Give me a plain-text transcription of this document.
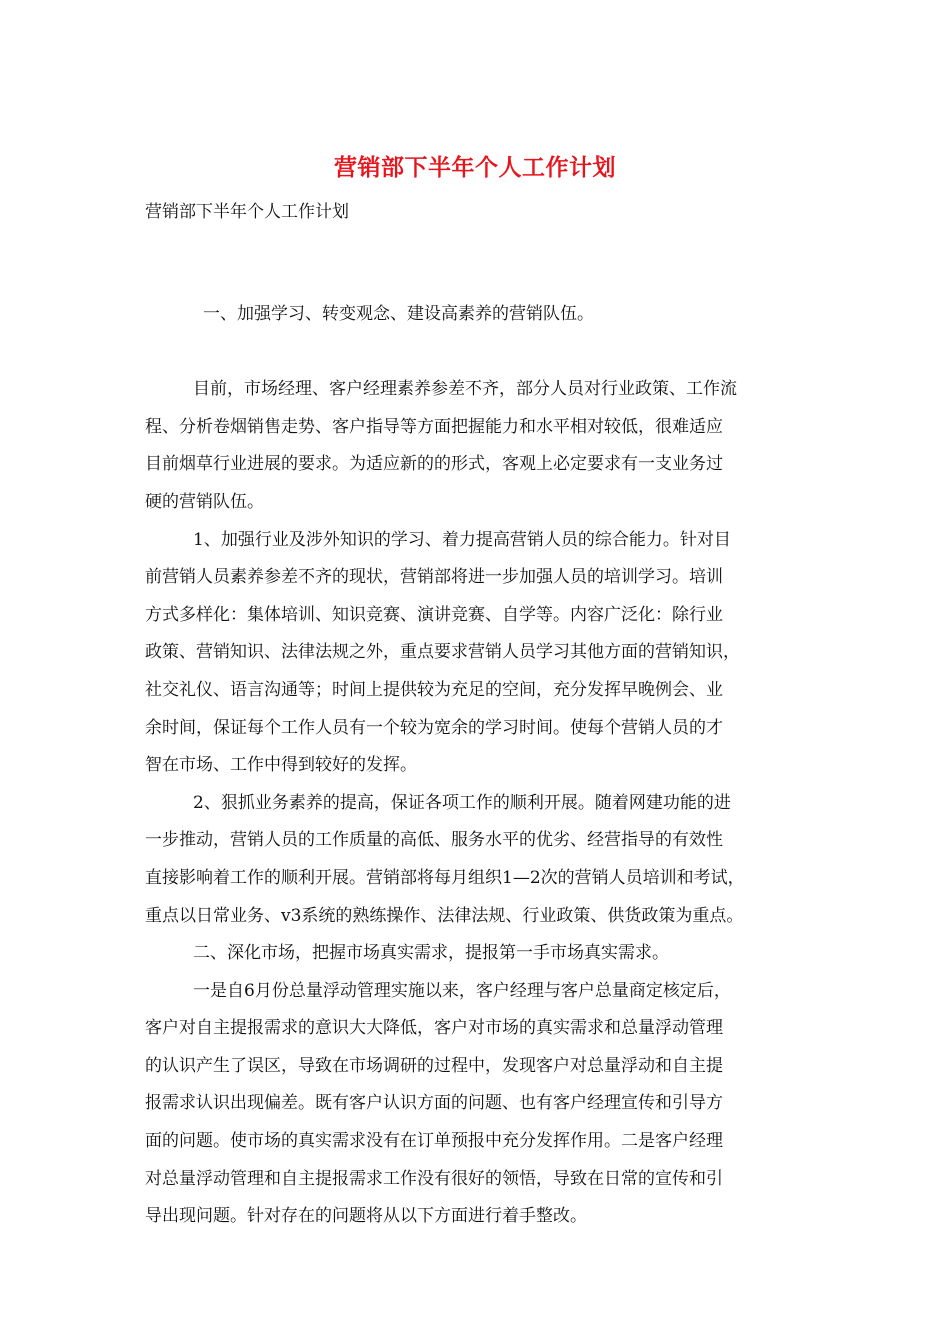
营销部下半年个人工作计划

营销部下半年个人工作计划

一、加强学习、转变观念、建设高素养的营销队伍。
目前，市场经理、客户经理素养参差不齐，部分人员对行业政策、工作流
程、分析卷烟销售走势、客户指导等方面把握能力和水平相对较低，很难适应
目前烟草行业进展的要求。为适应新的的形式，客观上必定要求有一支业务过
硬的营销队伍。
1、加强行业及涉外知识的学习、着力提高营销人员的综合能力。针对目
前营销人员素养参差不齐的现状，营销部将进一步加强人员的培训学习。培训
方式多样化：集体培训、知识竞赛、演讲竞赛、自学等。内容广泛化：除行业
政策、营销知识、法律法规之外，重点要求营销人员学习其他方面的营销知识，
社交礼仪、语言沟通等；时间上提供较为充足的空间，充分发挥早晚例会、业
余时间，保证每个工作人员有一个较为宽余的学习时间。使每个营销人员的才
智在市场、工作中得到较好的发挥。
2、狠抓业务素养的提高，保证各项工作的顺利开展。随着网建功能的进
一步推动，营销人员的工作质量的高低、服务水平的优劣、经营指导的有效性
直接影响着工作的顺利开展。营销部将每月组织1—2次的营销人员培训和考试，
重点以日常业务、v3系统的熟练操作、法律法规、行业政策、供货政策为重点。
二、深化市场，把握市场真实需求，提报第一手市场真实需求。
一是自6月份总量浮动管理实施以来，客户经理与客户总量商定核定后，
客户对自主提报需求的意识大大降低，客户对市场的真实需求和总量浮动管理
的认识产生了误区，导致在市场调研的过程中，发现客户对总量浮动和自主提
报需求认识出现偏差。既有客户认识方面的问题、也有客户经理宣传和引导方
面的问题。使市场的真实需求没有在订单预报中充分发挥作用。二是客户经理
对总量浮动管理和自主提报需求工作没有很好的领悟，导致在日常的宣传和引
导出现问题。针对存在的问题将从以下方面进行着手整改。
